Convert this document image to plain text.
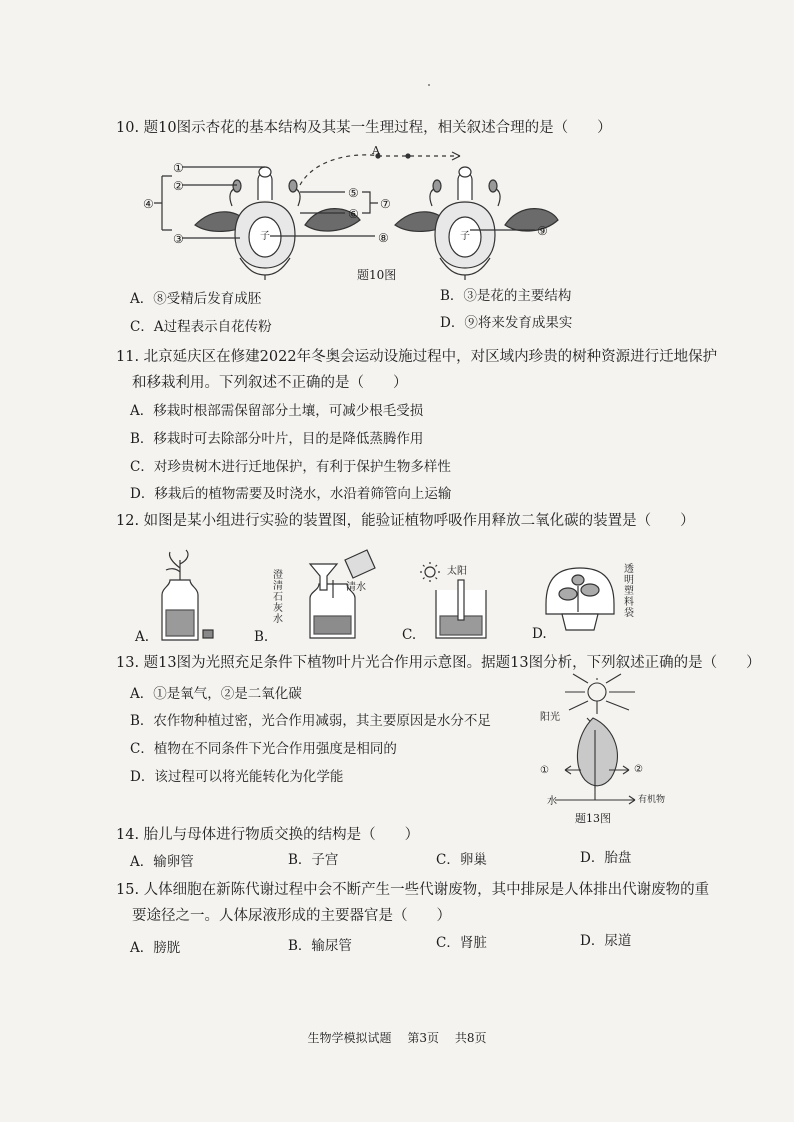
10. 题10图示杏花的基本结构及其某一生理过程，相关叙述合理的是（　　）
①
②
③
④
⑤
⑥
⑦
⑧	⑨
A
子	子
题10图
A．⑧受精后发育成胚	B．③是花的主要结构
C．A过程表示自花传粉	D．⑨将来发育成果实
11. 北京延庆区在修建2022年冬奥会运动设施过程中，对区域内珍贵的树种资源进行迁地保护
和移栽利用。下列叙述不正确的是（　　）
A．移栽时根部需保留部分土壤，可减少根毛受损
B．移栽时可去除部分叶片，目的是降低蒸腾作用
C．对珍贵树木进行迁地保护，有利于保护生物多样性
D．移栽后的植物需要及时浇水，水沿着筛管向上运输
12. 如图是某小组进行实验的装置图，能验证植物呼吸作用释放二氧化碳的装置是（　　）
A.
澄清石灰水
清水
B.
太阳
C.
透明塑料袋
D.
13. 题13图为光照充足条件下植物叶片光合作用示意图。据题13图分析，下列叙述正确的是（　　）
A．①是氧气，②是二氧化碳
B．农作物种植过密，光合作用减弱，其主要原因是水分不足
C．植物在不同条件下光合作用强度是相同的
D．该过程可以将光能转化为化学能
阳光
①	②
水	有机物
题13图
14. 胎儿与母体进行物质交换的结构是（　　）
A．输卵管	B．子宫	C．卵巢	D．胎盘
15. 人体细胞在新陈代谢过程中会不断产生一些代谢废物，其中排尿是人体排出代谢废物的重
要途径之一。人体尿液形成的主要器官是（　　）
A．膀胱	B．输尿管	C．肾脏	D．尿道
生物学模拟试题 第3页 共8页
